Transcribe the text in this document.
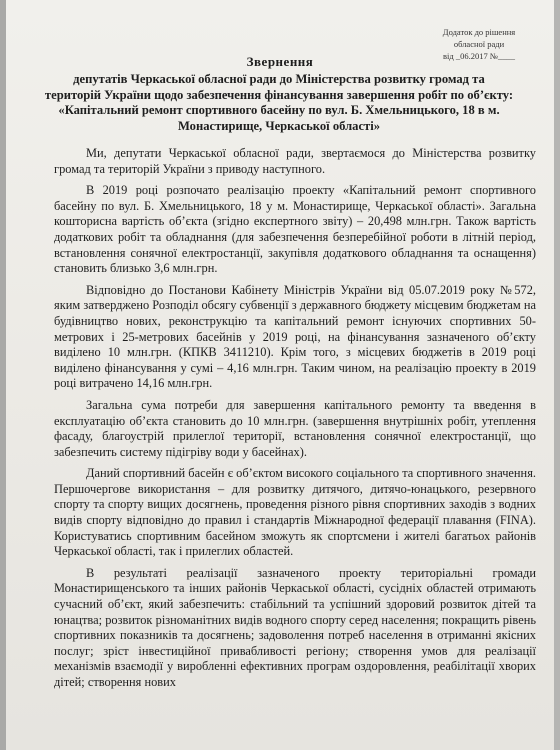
Додаток до рішення
обласної ради
від _06.2017 №____
Звернення
депутатів Черкаської обласної ради до Міністерства розвитку громад та територій України щодо забезпечення фінансування завершення робіт по об’єкту: «Капітальний ремонт спортивного басейну по вул. Б. Хмельницького, 18 в м. Монастирище, Черкаської області»

Ми, депутати Черкаської обласної ради, звертаємося до Міністерства розвитку громад та територій України з приводу наступного.

В 2019 році розпочато реалізацію проекту «Капітальний ремонт спортивного басейну по вул. Б. Хмельницького, 18 у м. Монастирище, Черкаської області». Загальна кошторисна вартість об’єкта (згідно експертного звіту) – 20,498 млн.грн. Також вартість додаткових робіт та обладнання (для забезпечення безперебійної роботи в літній період, встановлення сонячної електростанції, закупівля додаткового обладнання та оснащення) становить близько 3,6 млн.грн.

Відповідно до Постанови Кабінету Міністрів України від 05.07.2019 року №572, яким затверджено Розподіл обсягу субвенції з державного бюджету місцевим бюджетам на будівництво нових, реконструкцію та капітальний ремонт існуючих спортивних 50-метрових і 25-метрових басейнів у 2019 році, на фінансування зазначеного об’єкту виділено 10 млн.грн. (КПКВ 3411210). Крім того, з місцевих бюджетів в 2019 році виділено фінансування у сумі – 4,16 млн.грн. Таким чином, на реалізацію проекту в 2019 році витрачено 14,16 млн.грн.

Загальна сума потреби для завершення капітального ремонту та введення в експлуатацію об’єкта становить до 10 млн.грн. (завершення внутрішніх робіт, утеплення фасаду, благоустрій прилеглої території, встановлення сонячної електростанції, що забезпечить систему підігріву води у басейнах).

Даний спортивний басейн є об’єктом високого соціального та спортивного значення. Першочергове використання – для розвитку дитячого, дитячо-юнацького, резервного спорту та спорту вищих досягнень, проведення різного рівня спортивних заходів з водних видів спорту відповідно до правил і стандартів Міжнародної федерації плавання (FINA). Користуватись спортивним басейном зможуть як спортсмени і жителі багатьох районів Черкаської області, так і прилеглих областей.

В результаті реалізації зазначеного проекту територіальні громади Монастирищенського та інших районів Черкаської області, сусідніх областей отримають сучасний об’єкт, який забезпечить: стабільний та успішний здоровий розвиток дітей та юнацтва; розвиток різноманітних видів водного спорту серед населення; покращить рівень спортивних показників та досягнень; задоволення потреб населення в отриманні якісних послуг; зріст інвестиційної привабливості регіону; створення умов для реалізації механізмів взаємодії у виробленні ефективних програм оздоровлення, реабілітації хворих дітей; створення нових
